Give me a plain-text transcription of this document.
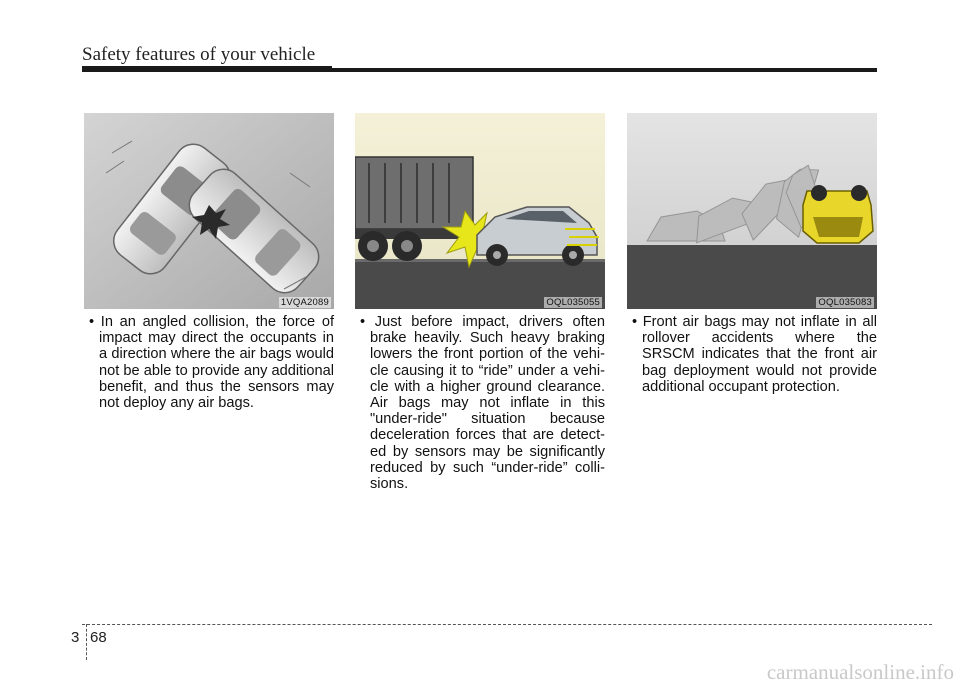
Safety features of your vehicle
1VQA2089	OQL035055	OQL035083

• In an angled collision, the force of impact may direct the occupants in a direction where the air bags would not be able to provide any additional benefit, and thus the sensors may not deploy any air bags.

• Just before impact, drivers often brake heavily. Such heavy braking lowers the front portion of the vehi-cle causing it to “ride” under a vehi-cle with a higher ground clearance. Air bags may not inflate in this "under-ride" situation because deceleration forces that are detect-ed by sensors may be significantly reduced by such “under-ride” colli-sions.

• Front air bags may not inflate in all rollover accidents where the SRSCM indicates that the front air bag deployment would not provide additional occupant protection.

3 68
carmanualsonline.info
